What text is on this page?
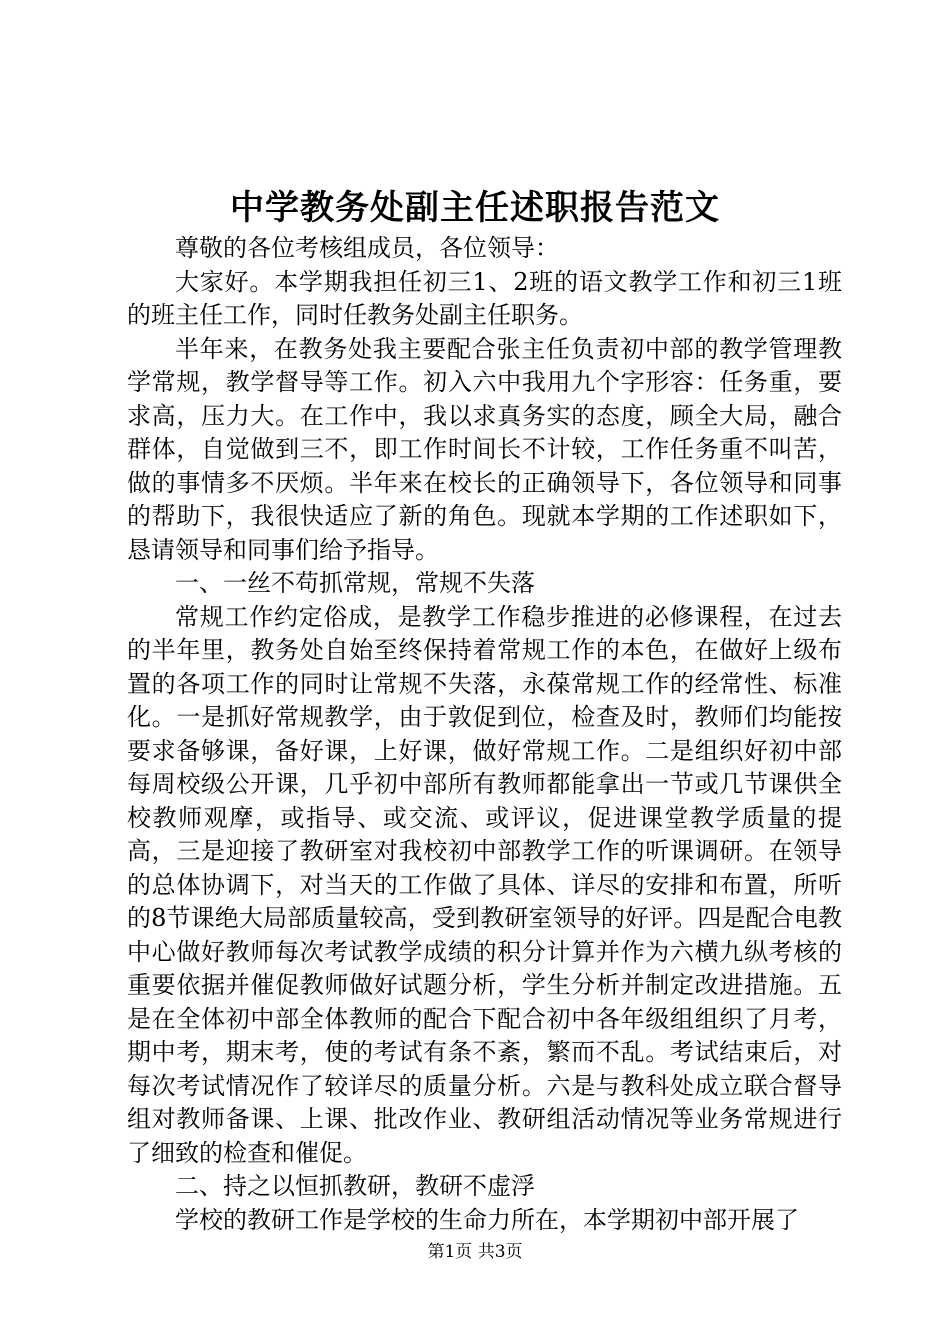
中学教务处副主任述职报告范文

尊敬的各位考核组成员，各位领导：

大家好。本学期我担任初三1、2班的语文教学工作和初三1班的班主任工作，同时任教务处副主任职务。

半年来，在教务处我主要配合张主任负责初中部的教学管理教学常规，教学督导等工作。初入六中我用九个字形容：任务重，要求高，压力大。在工作中，我以求真务实的态度，顾全大局，融合群体，自觉做到三不，即工作时间长不计较，工作任务重不叫苦，做的事情多不厌烦。半年来在校长的正确领导下，各位领导和同事的帮助下，我很快适应了新的角色。现就本学期的工作述职如下，恳请领导和同事们给予指导。

一、一丝不苟抓常规，常规不失落

常规工作约定俗成，是教学工作稳步推进的必修课程，在过去的半年里，教务处自始至终保持着常规工作的本色，在做好上级布置的各项工作的同时让常规不失落，永葆常规工作的经常性、标准化。一是抓好常规教学，由于敦促到位，检查及时，教师们均能按要求备够课，备好课，上好课，做好常规工作。二是组织好初中部每周校级公开课，几乎初中部所有教师都能拿出一节或几节课供全校教师观摩，或指导、或交流、或评议，促进课堂教学质量的提高，三是迎接了教研室对我校初中部教学工作的听课调研。在领导的总体协调下，对当天的工作做了具体、详尽的安排和布置，所听的8节课绝大局部质量较高，受到教研室领导的好评。四是配合电教中心做好教师每次考试教学成绩的积分计算并作为六横九纵考核的重要依据并催促教师做好试题分析，学生分析并制定改进措施。五是在全体初中部全体教师的配合下配合初中各年级组组织了月考，期中考，期末考，使的考试有条不紊，繁而不乱。考试结束后，对每次考试情况作了较详尽的质量分析。六是与教科处成立联合督导组对教师备课、上课、批改作业、教研组活动情况等业务常规进行了细致的检查和催促。

二、持之以恒抓教研，教研不虚浮

学校的教研工作是学校的生命力所在，本学期初中部开展了

第1页 共3页
